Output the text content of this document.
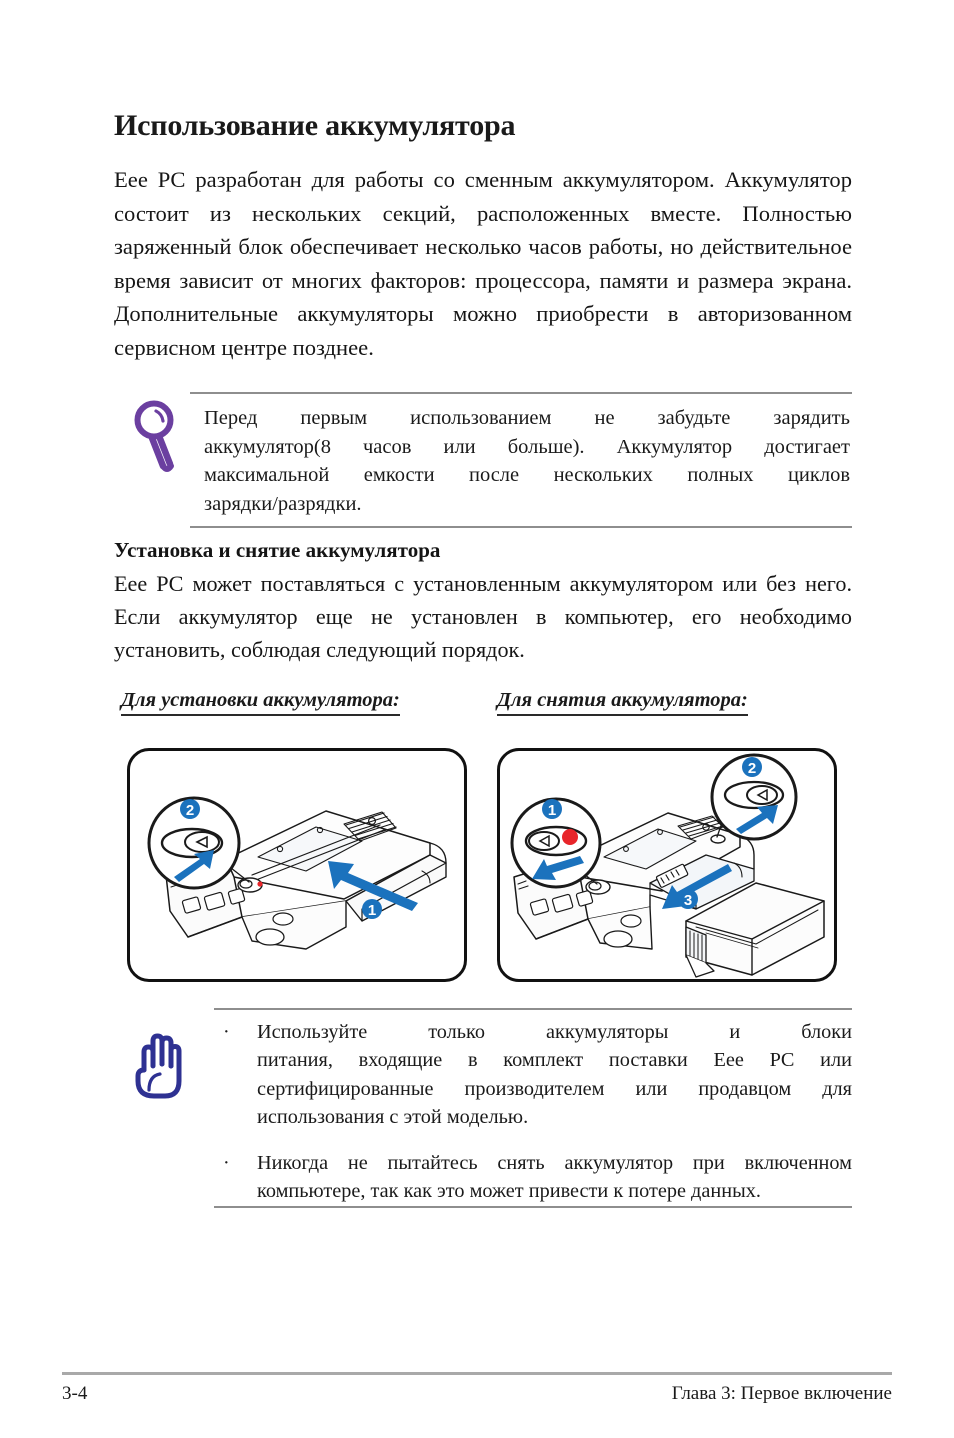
Использование аккумулятора
Eee PC разработан для работы со сменным аккумулятором. Аккумулятор состоит из нескольких секций, расположенных вместе. Полностью заряженный блок обеспечивает несколько часов работы, но действительное время зависит от многих факторов: процессора, памяти и размера экрана. Дополнительные аккумуляторы можно приобрести в авторизованном сервисном центре позднее.
Перед первым использованием не забудьте зарядить
аккумулятор(8 часов или больше). Аккумулятор достигает
максимальной емкости после нескольких полных циклов
зарядки/разрядки.
Установка и снятие аккумулятора
Eee PC может поставляться с установленным аккумулятором или без него. Если аккумулятор еще не установлен в компьютер, его необходимо установить, соблюдая следующий порядок.
Для установки аккумулятора:	Для снятия аккумулятора:
2
1
1
2
3
· Используйте только аккумуляторы и блоки
питания, входящие в комплект поставки Eee PC или
сертифицированные производителем или продавцом для
использования с этой моделью.
· Никогда не пытайтесь снять аккумулятор при включенном
компьютере, так как это может привести к потере данных.
3-4	Глава 3: Первое включение
